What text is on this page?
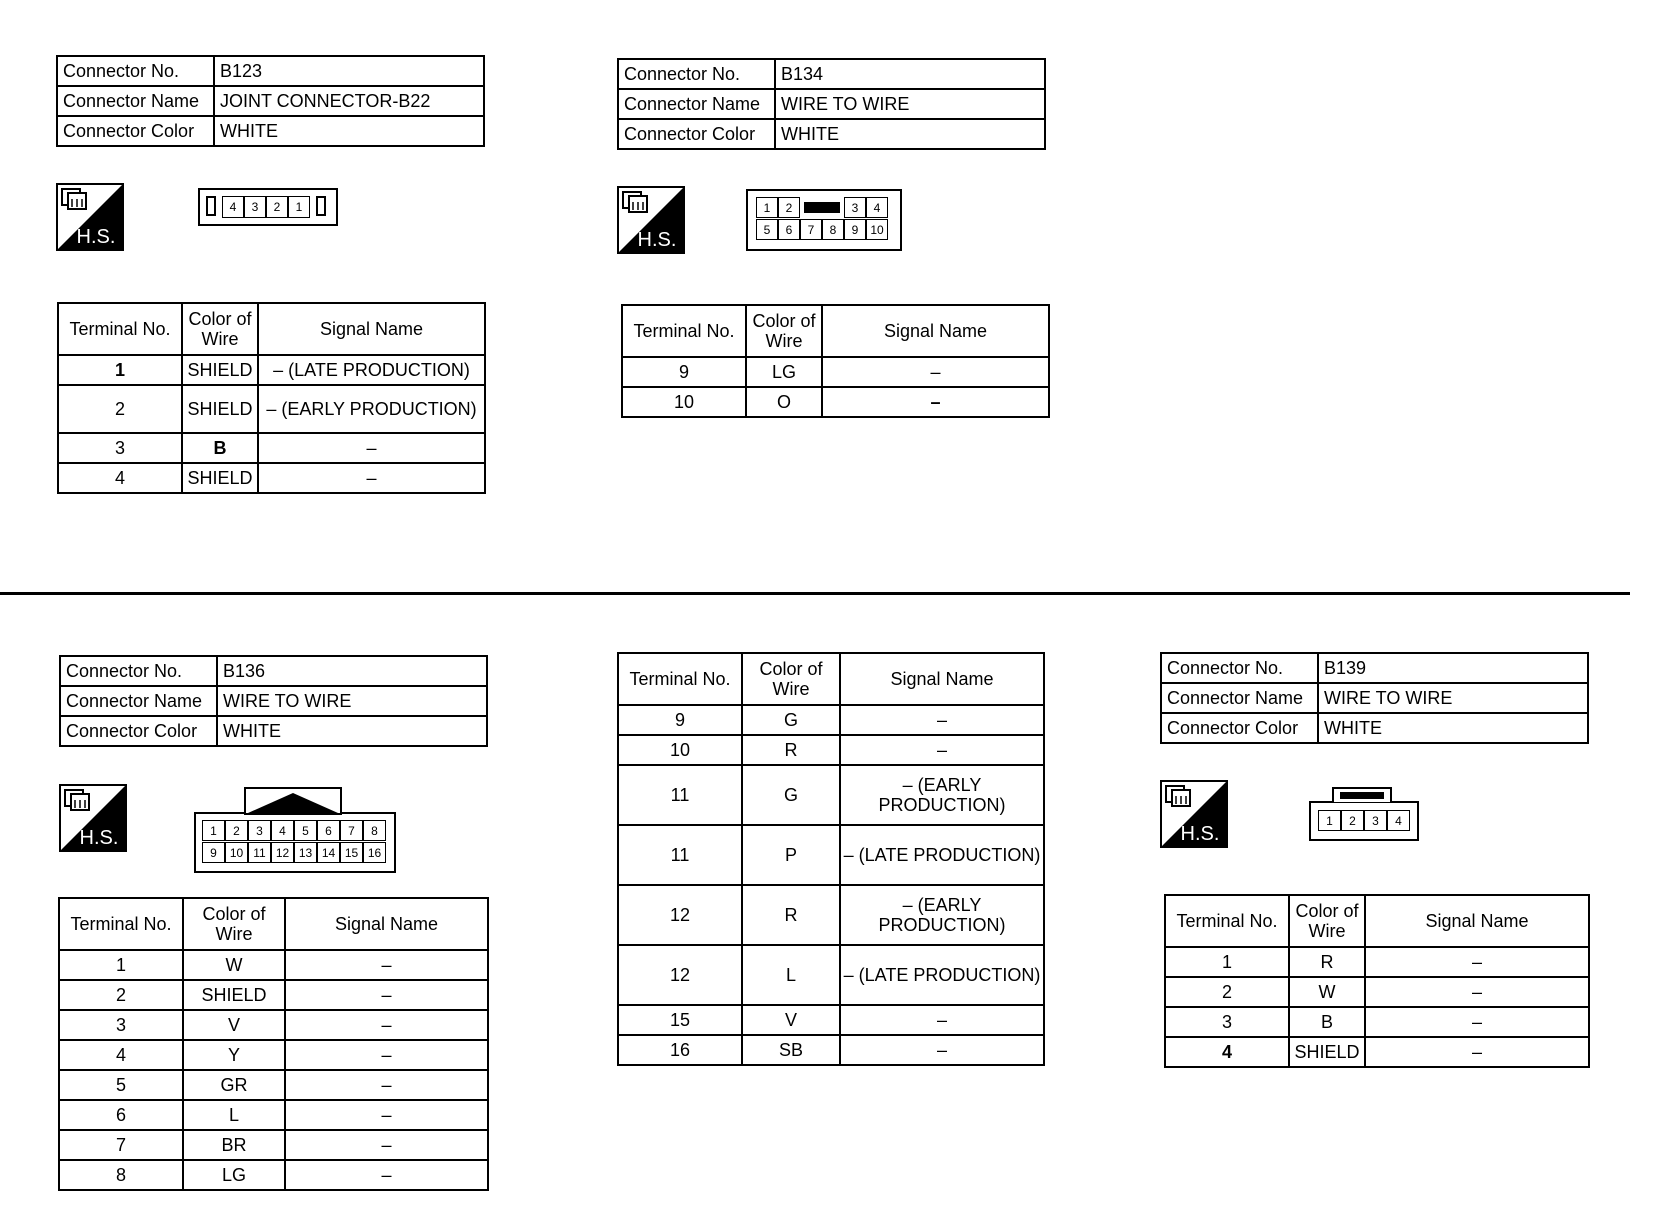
Connector No.	B123
Connector Name	JOINT CONNECTOR-B22
Connector Color	WHITE
H.S.
4	3	2	1
Terminal No.	Color of Wire	Signal Name
1	SHIELD	– (LATE PRODUCTION)
2	SHIELD	– (EARLY PRODUCTION)
3	B	–
4	SHIELD	–
Connector No.	B134
Connector Name	WIRE TO WIRE
Connector Color	WHITE
H.S.
1	2	3	4
5	6	7	8	9 10
Terminal No.	Color of Wire	Signal Name
9	LG	–
10	O	–
Connector No.	B136
Connector Name	WIRE TO WIRE
Connector Color	WHITE
H.S.	1	2	3	4	5	6	7	8
9	10 11 12 13 14 15 16
Terminal No.	Color of Wire	Signal Name
1	W	–
2	SHIELD	–
3	V	–
4	Y	–
5	GR	–
6	L	–
7	BR	–
8	LG	–
Terminal No.	Color of Wire	Signal Name
9	G	–
10	R	–
11	G	– (EARLY PRODUCTION)
11	P	– (LATE PRODUCTION)
12	R	– (EARLY PRODUCTION)
12	L	– (LATE PRODUCTION)
15	V	–
16	SB	–
Connector No.	B139
Connector Name	WIRE TO WIRE
Connector Color	WHITE
H.S.
1	2	3	4
Terminal No.	Color of Wire	Signal Name
1	R	–
2	W	–
3	B	–
4	SHIELD	–
